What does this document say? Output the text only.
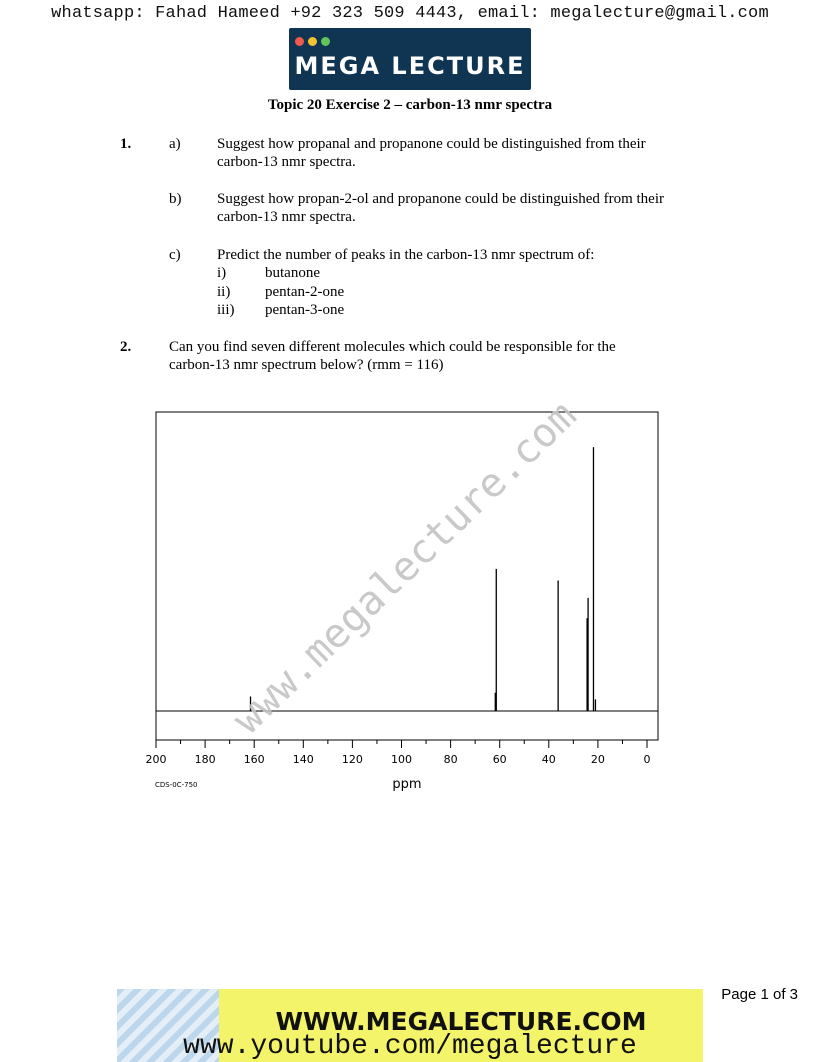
whatsapp: Fahad Hameed +92 323 509 4443, email: megalecture@gmail.com
MEGA LECTURE
Topic 20 Exercise 2 – carbon-13 nmr spectra
1.	a) Suggest how propanal and propanone could be distinguished from their
carbon-13 nmr spectra.
b) Suggest how propan-2-ol and propanone could be distinguished from their
carbon-13 nmr spectra.
c) Predict the number of peaks in the carbon-13 nmr spectrum of:
i)	butanone
ii) pentan-2-one
iii) pentan-3-one
2.	Can you find seven different molecules which could be responsible for the
carbon-13 nmr spectrum below? (rmm = 116)
200	180	160	140	120	100	80	60	40	20	0
ppm
CDS-0C-750
www.megalecture.com
Page 1 of 3
WWW.MEGALECTURE.COM
www.youtube.com/megalecture
